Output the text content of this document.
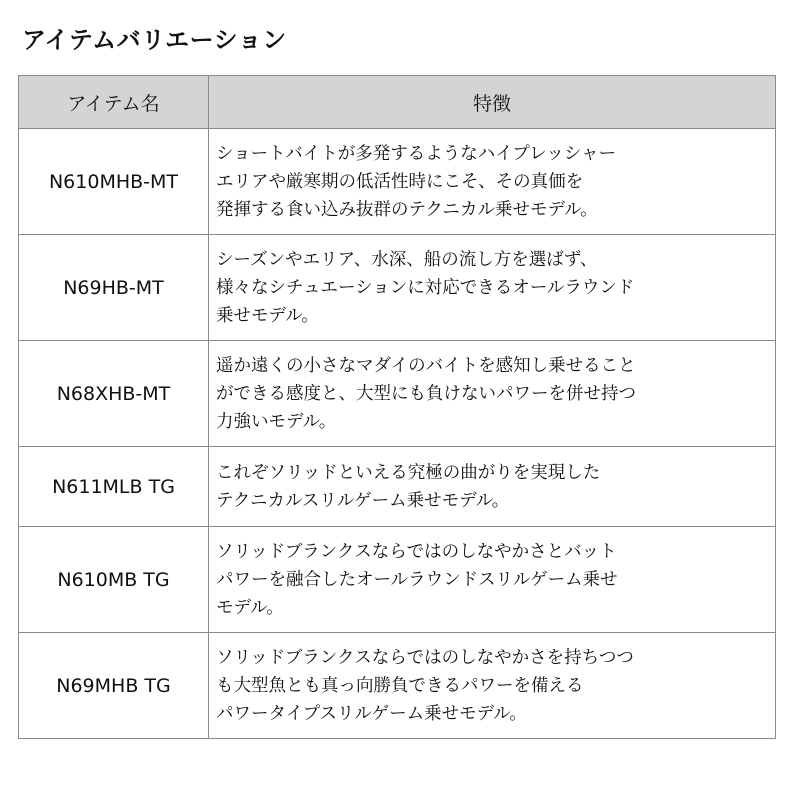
アイテムバリエーション
アイテム名	特徴
N610MHB-MT	ショートバイトが多発するようなハイプレッシャー
エリアや厳寒期の低活性時にこそ、その真価を
発揮する食い込み抜群のテクニカル乗せモデル。

N69HB-MT	シーズンやエリア、水深、船の流し方を選ばず、
様々なシチュエーションに対応できるオールラウンド
乗せモデル。

N68XHB-MT	遥か遠くの小さなマダイのバイトを感知し乗せること
ができる感度と、大型にも負けないパワーを併せ持つ
力強いモデル。

N611MLB TG	これぞソリッドといえる究極の曲がりを実現した
テクニカルスリルゲーム乗せモデル。

N610MB TG	ソリッドブランクスならではのしなやかさとバット
パワーを融合したオールラウンドスリルゲーム乗せ
モデル。

N69MHB TG	ソリッドブランクスならではのしなやかさを持ちつつ
も大型魚とも真っ向勝負できるパワーを備える
パワータイプスリルゲーム乗せモデル。
